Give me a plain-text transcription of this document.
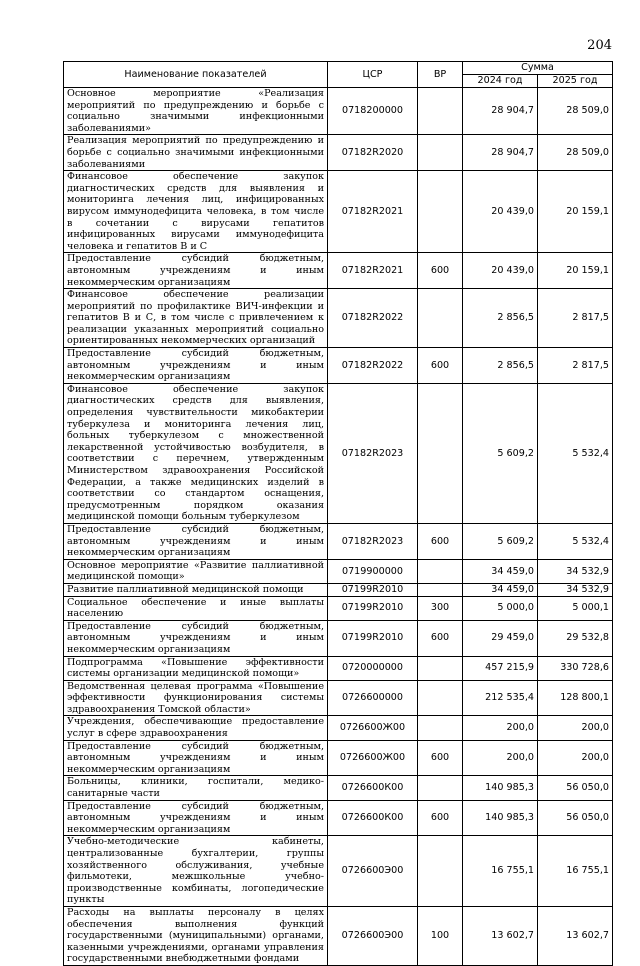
204
Наименование показателей	ЦСР	ВР	Сумма	
			2024 год	2025 год
Основное мероприятие «Реализация мероприятий по предупреждению и борьбе с социально значимыми инфекционными заболеваниями»	0718200000		28 904,7	28 509,0
Реализация мероприятий по предупреждению и борьбе с социально значимыми инфекционными заболеваниями	07182R2020		28 904,7	28 509,0
Финансовое обеспечение закупок диагностических средств для выявления и мониторинга лечения лиц, инфицированных вирусом иммунодефицита человека, в том числе в сочетании с вирусами гепатитов инфицированных вирусами иммунодефицита человека и гепатитов В и С	07182R2021		20 439,0	20 159,1
Предоставление субсидий бюджетным, автономным учреждениям и иным некоммерческим организациям	07182R2021	600	20 439,0	20 159,1
Финансовое обеспечение реализации мероприятий по профилактике ВИЧ-инфекции и гепатитов В и С, в том числе с привлечением к реализации указанных мероприятий социально ориентированных некоммерческих организаций	07182R2022		2 856,5	2 817,5
Предоставление субсидий бюджетным, автономным учреждениям и иным некоммерческим организациям	07182R2022	600	2 856,5	2 817,5
Финансовое обеспечение закупок диагностических средств для выявления, определения чувствительности микобактерии туберкулеза и мониторинга лечения лиц, больных туберкулезом с множественной лекарственной устойчивостью возбудителя, в соответствии с перечнем, утвержденным Министерством здравоохранения Российской Федерации, а также медицинских изделий в соответствии со стандартом оснащения, предусмотренным порядком оказания медицинской помощи больным туберкулезом	07182R2023		5 609,2	5 532,4
Предоставление субсидий бюджетным, автономным учреждениям и иным некоммерческим организациям	07182R2023	600	5 609,2	5 532,4
Основное мероприятие «Развитие паллиативной медицинской помощи»	0719900000		34 459,0	34 532,9
Развитие паллиативной медицинской помощи	07199R2010		34 459,0	34 532,9
Социальное обеспечение и иные выплаты населению	07199R2010	300	5 000,0	5 000,1
Предоставление субсидий бюджетным, автономным учреждениям и иным некоммерческим организациям	07199R2010	600	29 459,0	29 532,8
Подпрограмма «Повышение эффективности системы организации медицинской помощи»	0720000000		457 215,9	330 728,6
Ведомственная целевая программа «Повышение эффективности функционирования системы здравоохранения Томской области»	0726600000		212 535,4	128 800,1
Учреждения, обеспечивающие предоставление услуг в сфере здравоохранения	0726600Ж00		200,0	200,0
Предоставление субсидий бюджетным, автономным учреждениям и иным некоммерческим организациям	0726600Ж00	600	200,0	200,0
Больницы, клиники, госпитали, медико-санитарные части	0726600К00		140 985,3	56 050,0
Предоставление субсидий бюджетным, автономным учреждениям и иным некоммерческим организациям	0726600К00	600	140 985,3	56 050,0
Учебно-методические кабинеты, централизованные бухгалтерии, группы хозяйственного обслуживания, учебные фильмотеки, межшкольные учебно-производственные комбинаты, логопедические пункты	0726600Э00		16 755,1	16 755,1
Расходы на выплаты персоналу в целях обеспечения выполнения функций государственными (муниципальными) органами, казенными учреждениями, органами управления государственными внебюджетными фондами	0726600Э00	100	13 602,7	13 602,7
